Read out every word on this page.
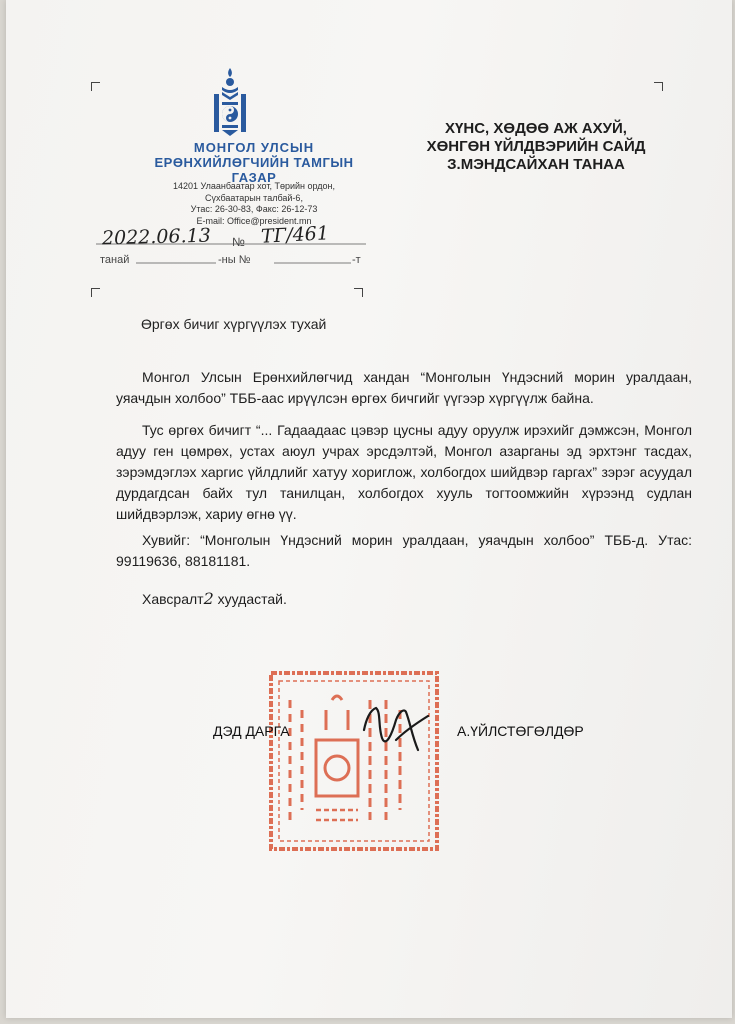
МОНГОЛ УЛСЫН
ЕРӨНХИЙЛӨГЧИЙН ТАМГЫН ГАЗАР
14201 Улаанбаатар хот, Төрийн ордон,
Сүхбаатарын талбай-6,
Утас: 26-30-83, Факс: 26-12-73
E-mail: Office@president.mn
2022.06.13 № ТГ/461
танай	-ны №	-т
ХҮНС, ХӨДӨӨ АЖ АХУЙ,
ХӨНГӨН ҮЙЛДВЭРИЙН САЙД
З.МЭНДСАЙХАН ТАНАА
Өргөх бичиг хүргүүлэх тухай

Монгол Улсын Ерөнхийлөгчид хандан “Монголын Үндэсний морин уралдаан, уяачдын холбоо” ТББ-аас ирүүлсэн өргөх бичгийг үүгээр хүргүүлж байна.

Тус өргөх бичигт “... Гадаадаас цэвэр цусны адуу оруулж ирэхийг дэмжсэн, Монгол адуу ген цөмрөх, устах аюул учрах эрсдэлтэй, Монгол азарганы эд эрхтэнг тасдах, зэрэмдэглэх харгис үйлдлийг хатуу хориглож, холбогдох шийдвэр гаргах” зэрэг асуудал дурдагдсан байх тул танилцан, холбогдох хууль тогтоомжийн хүрээнд судлан шийдвэрлэж, хариу өгнө үү.

Хувийг: “Монголын Үндэсний морин уралдаан, уяачдын холбоо” ТББ-д. Утас: 99119636, 88181181.

Хавсралт2 хуудастай.
ДЭД ДАРГА	А.ҮЙЛСТӨГӨЛДӨР
